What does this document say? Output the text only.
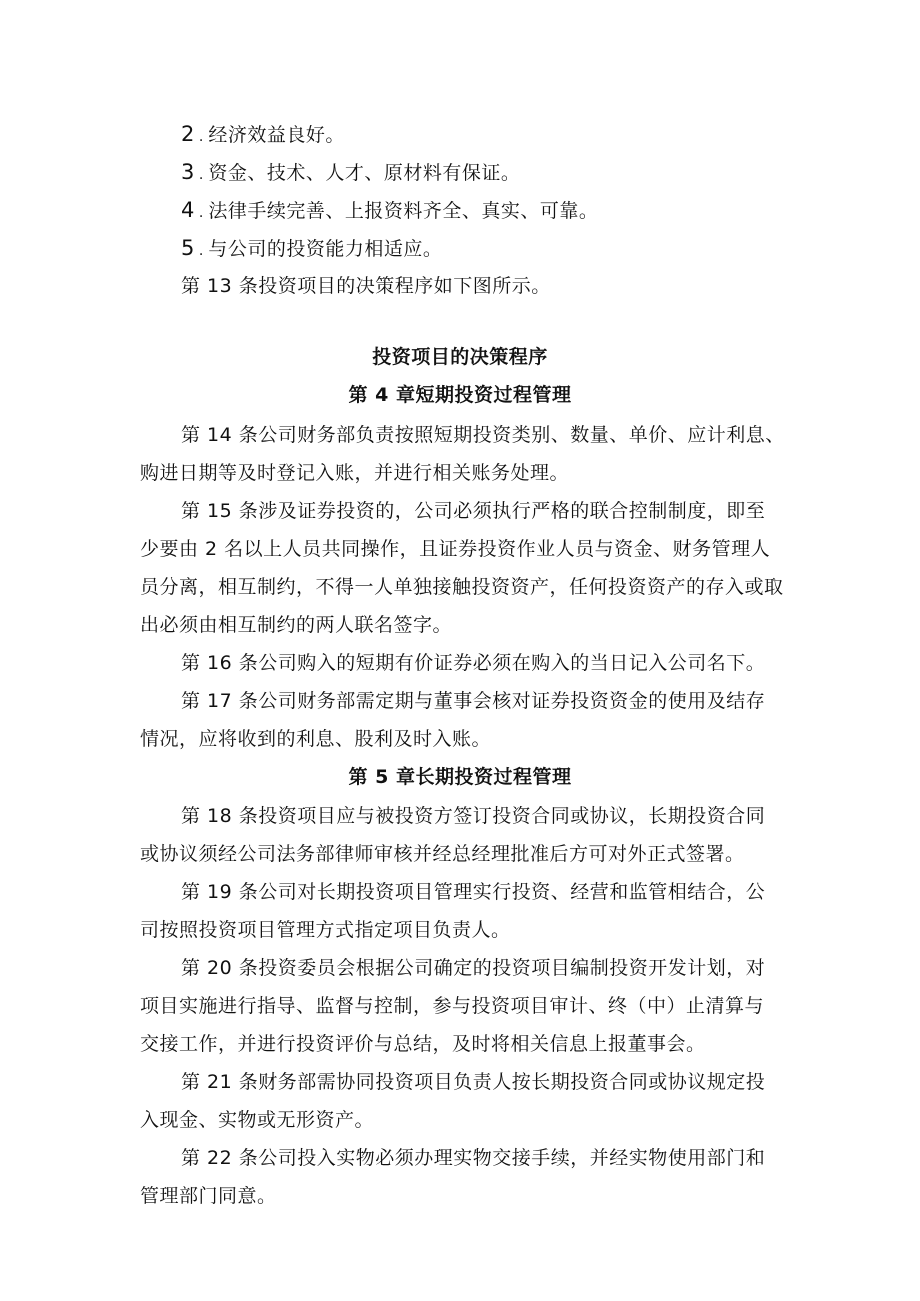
2 . 经济效益良好。
3 . 资金、技术、人才、原材料有保证。
4 . 法律手续完善、上报资料齐全、真实、可靠。
5 . 与公司的投资能力相适应。
第 13 条投资项目的决策程序如下图所示。
投资项目的决策程序
第 4 章短期投资过程管理
第 14 条公司财务部负责按照短期投资类别、数量、单价、应计利息、
购进日期等及时登记入账，并进行相关账务处理。
第 15 条涉及证券投资的，公司必须执行严格的联合控制制度，即至
少要由 2 名以上人员共同操作，且证券投资作业人员与资金、财务管理人
员分离，相互制约，不得一人单独接触投资资产，任何投资资产的存入或取
出必须由相互制约的两人联名签字。
第 16 条公司购入的短期有价证券必须在购入的当日记入公司名下。
第 17 条公司财务部需定期与董事会核对证券投资资金的使用及结存
情况，应将收到的利息、股利及时入账。
第 5 章长期投资过程管理
第 18 条投资项目应与被投资方签订投资合同或协议，长期投资合同
或协议须经公司法务部律师审核并经总经理批准后方可对外正式签署。
第 19 条公司对长期投资项目管理实行投资、经营和监管相结合，公
司按照投资项目管理方式指定项目负责人。
第 20 条投资委员会根据公司确定的投资项目编制投资开发计划，对
项目实施进行指导、监督与控制，参与投资项目审计、终（中）止清算与
交接工作，并进行投资评价与总结，及时将相关信息上报董事会。
第 21 条财务部需协同投资项目负责人按长期投资合同或协议规定投
入现金、实物或无形资产。
第 22 条公司投入实物必须办理实物交接手续，并经实物使用部门和
管理部门同意。
